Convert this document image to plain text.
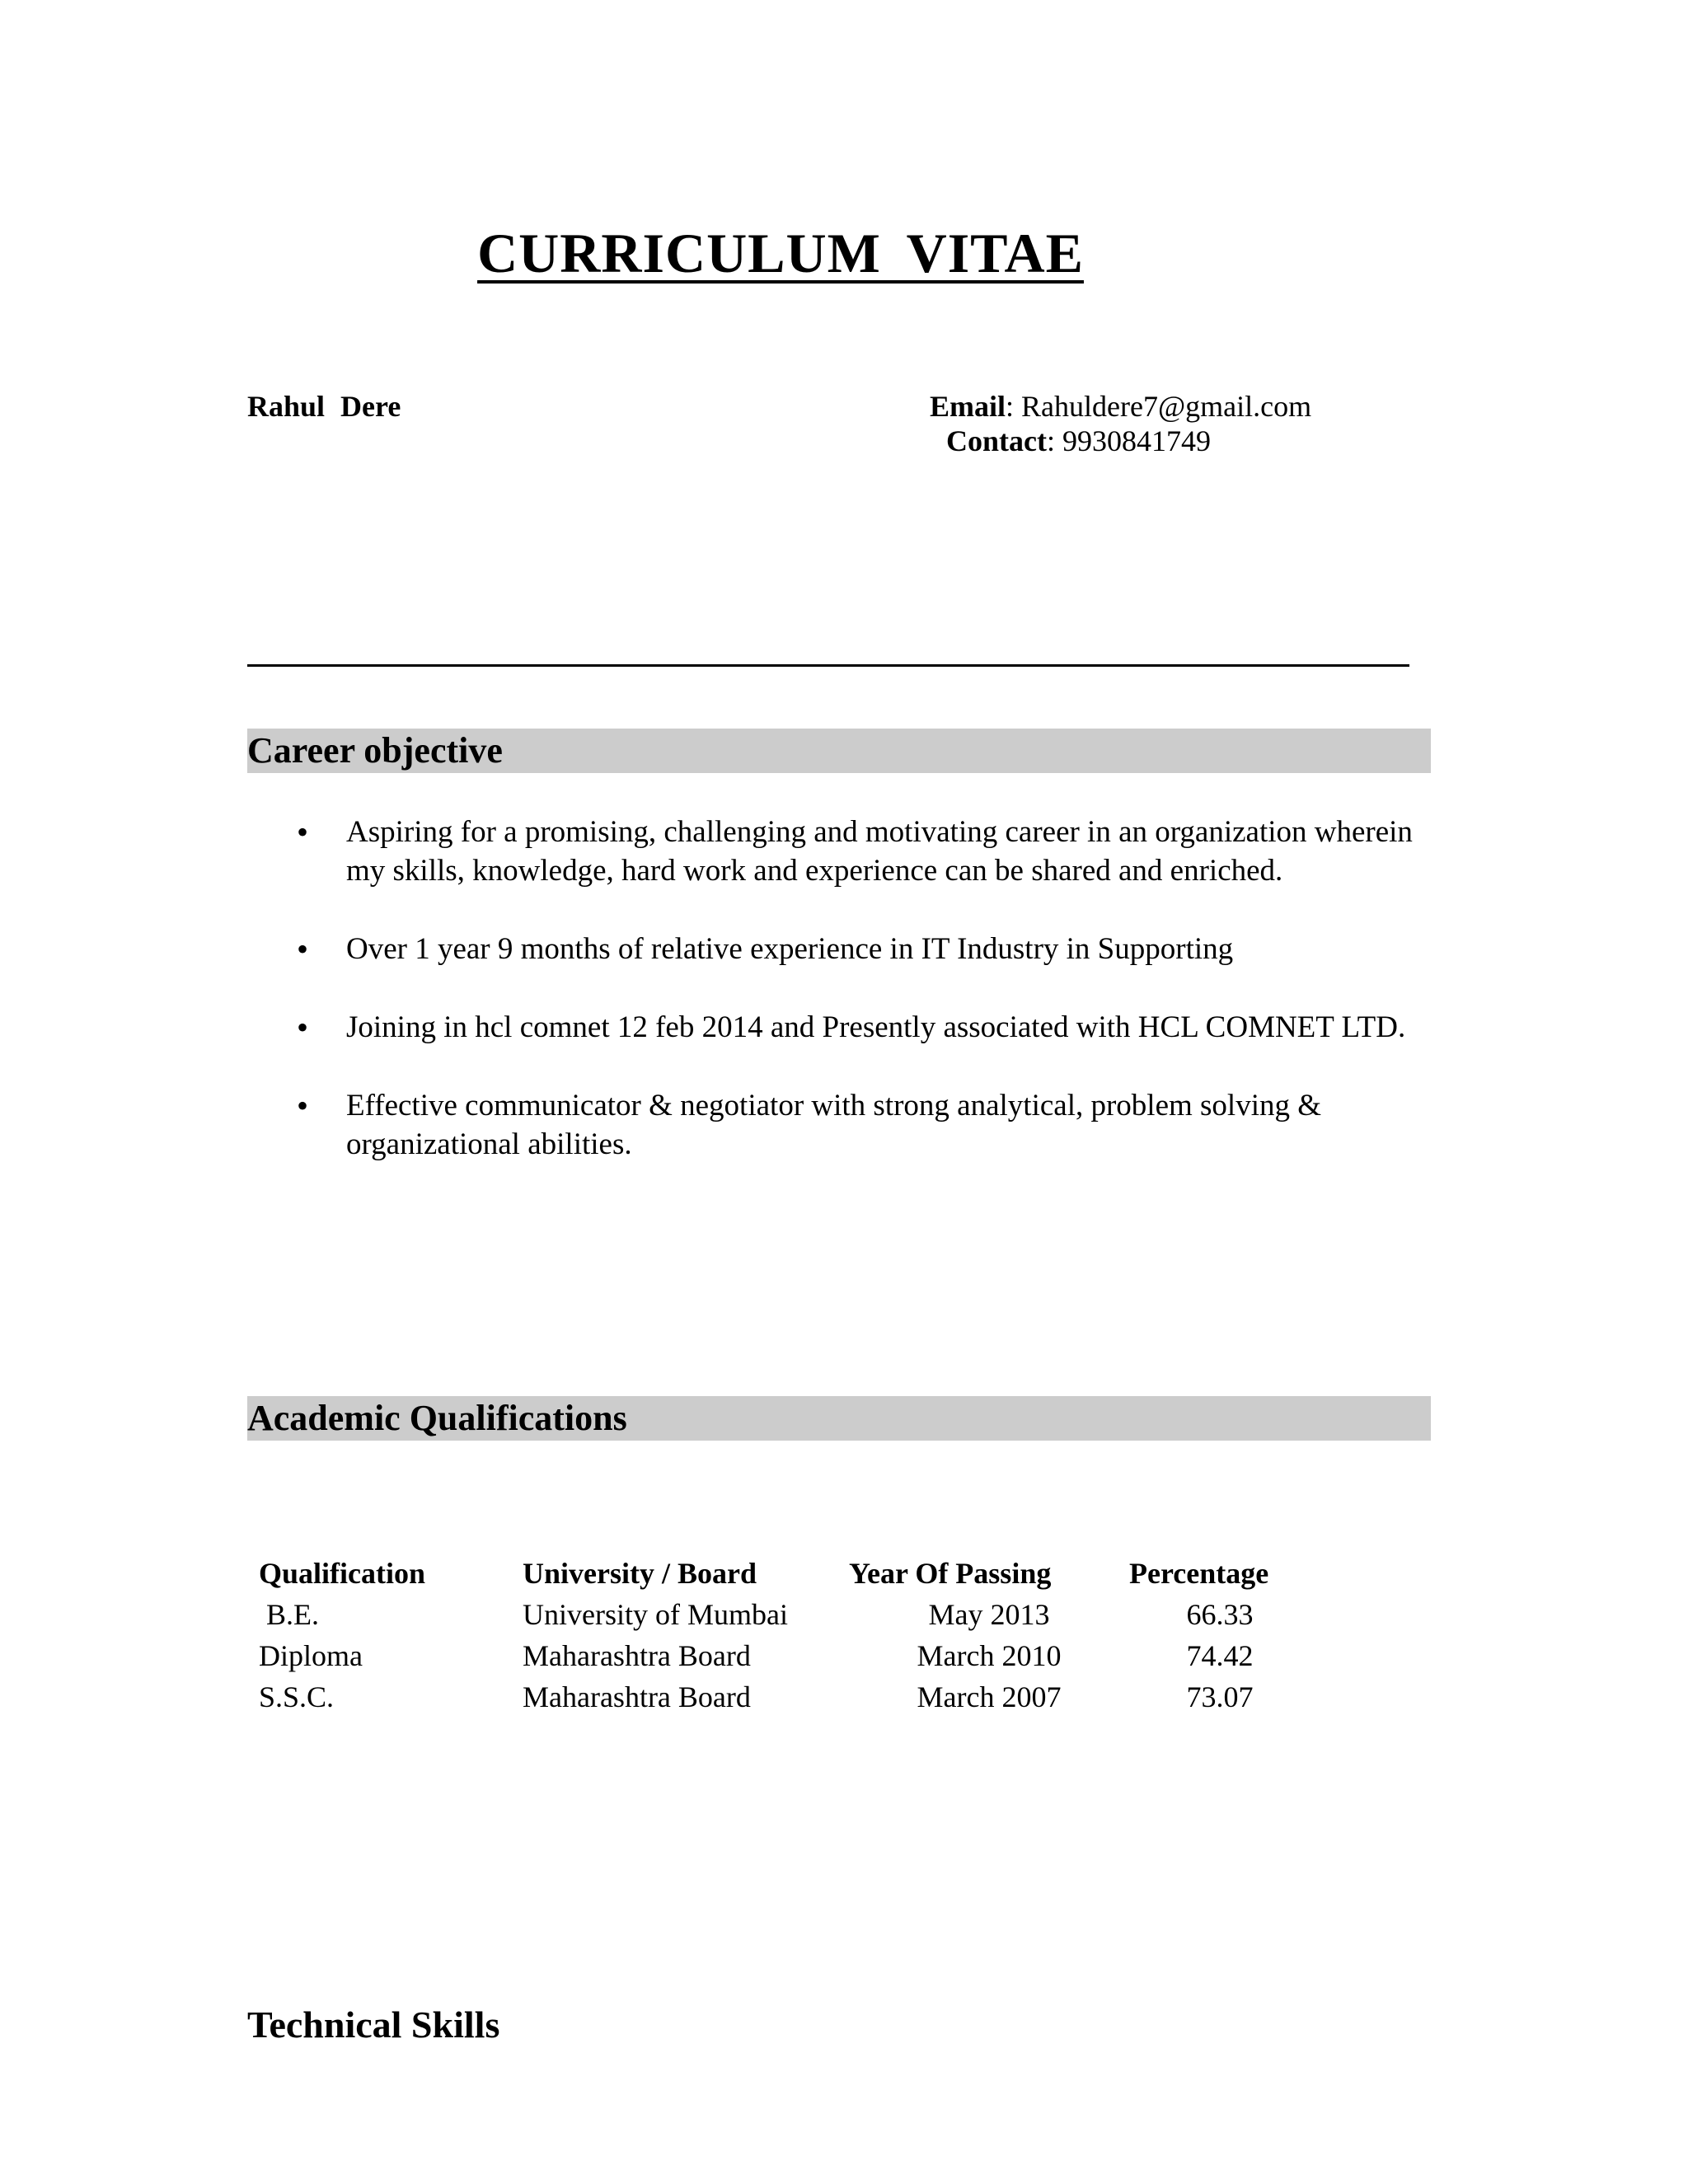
CURRICULUM VITAE
Rahul Dere	Email: Rahuldere7@gmail.com
Contact: 9930841749
Career objective
• Aspiring for a promising, challenging and motivating career in an organization wherein my skills, knowledge, hard work and experience can be shared and enriched.
• Over 1 year 9 months of relative experience in IT Industry in Supporting
• Joining in hcl comnet 12 feb 2014 and Presently associated with HCL COMNET LTD.
• Effective communicator & negotiator with strong analytical, problem solving & organizational abilities.
Academic Qualifications
Qualification	University / Board	Year Of Passing	Percentage
B.E.	University of Mumbai	May 2013	66.33
Diploma	Maharashtra Board	March 2010	74.42
S.S.C.	Maharashtra Board	March 2007	73.07
Technical Skills
